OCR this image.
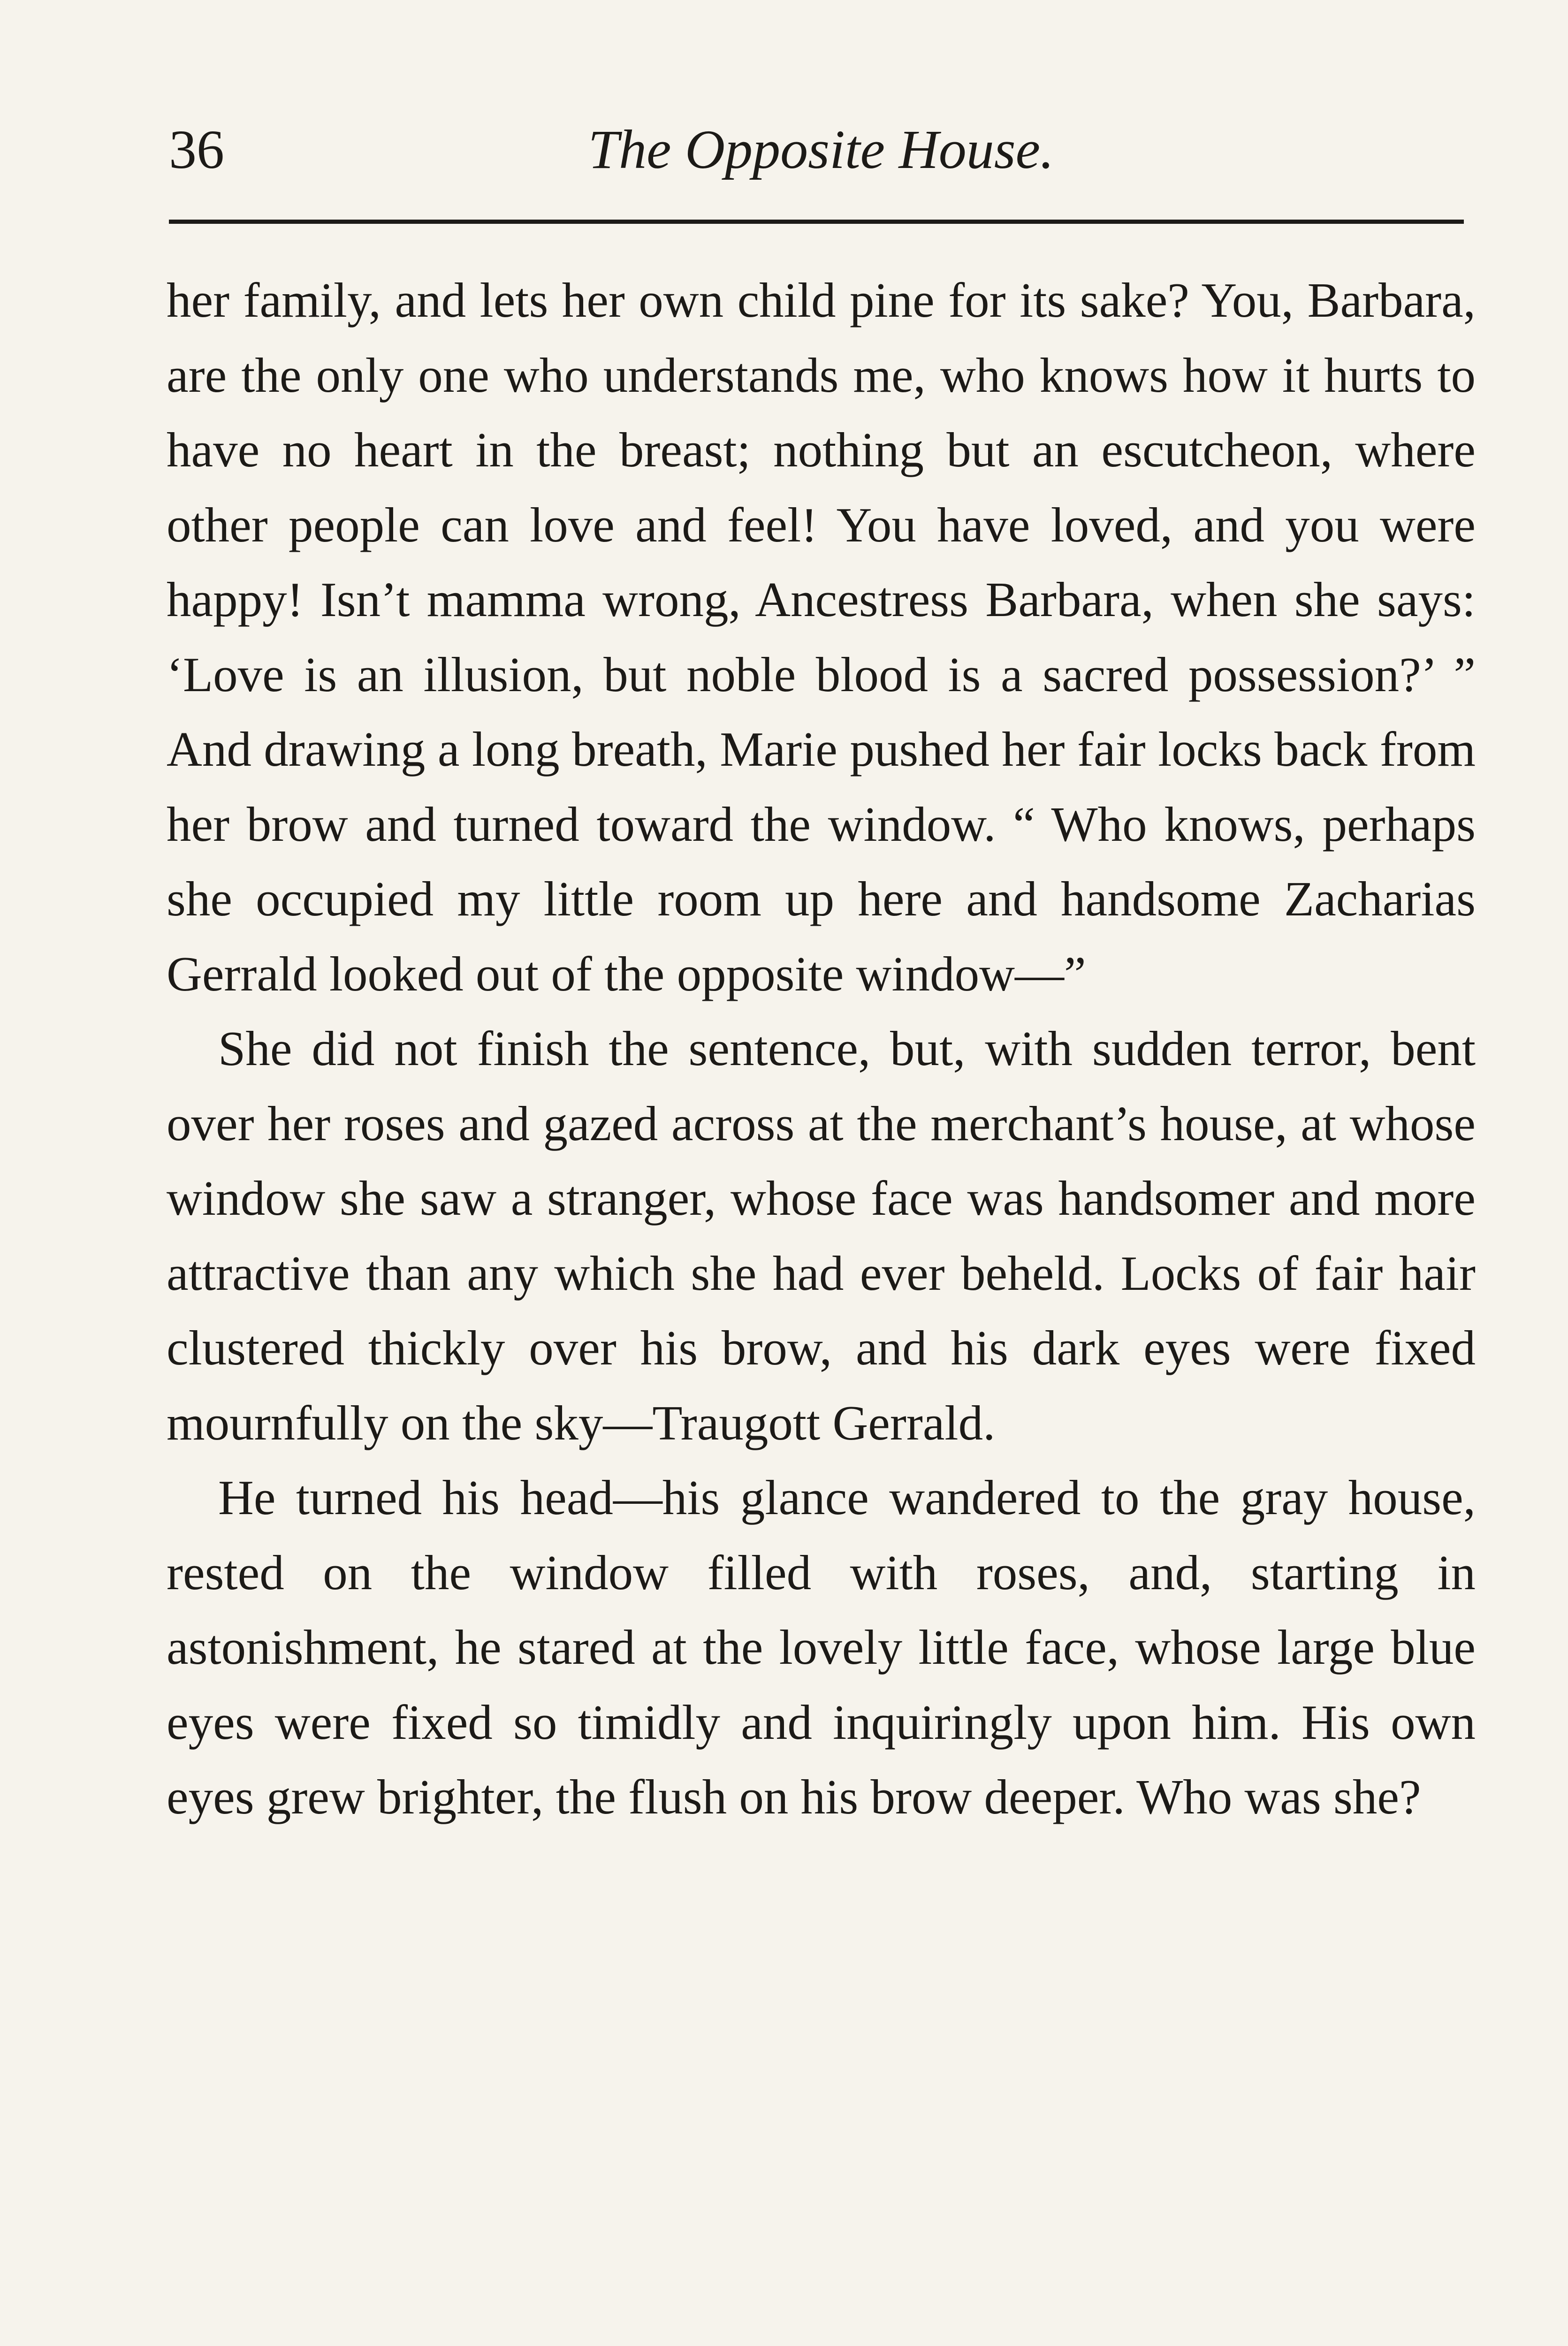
36	The Opposite House.

her family, and lets her own child pine for its sake? You, Barbara, are the only one who understands me, who knows how it hurts to have no heart in the breast; nothing but an escutcheon, where other people can love and feel! You have loved, and you were happy! Isn’t mamma wrong, Ancestress Barbara, when she says: ‘Love is an illusion, but noble blood is a sacred possession?’ ” And drawing a long breath, Marie pushed her fair locks back from her brow and turned toward the window. “ Who knows, perhaps she occupied my little room up here and handsome Zacharias Gerrald looked out of the opposite window—”

She did not finish the sentence, but, with sudden terror, bent over her roses and gazed across at the merchant’s house, at whose window she saw a stranger, whose face was handsomer and more attractive than any which she had ever beheld. Locks of fair hair clustered thickly over his brow, and his dark eyes were fixed mournfully on the sky—Traugott Gerrald.

He turned his head—his glance wandered to the gray house, rested on the window filled with roses, and, starting in astonishment, he stared at the lovely little face, whose large blue eyes were fixed so timidly and inquiringly upon him. His own eyes grew brighter, the flush on his brow deeper. Who was she?
